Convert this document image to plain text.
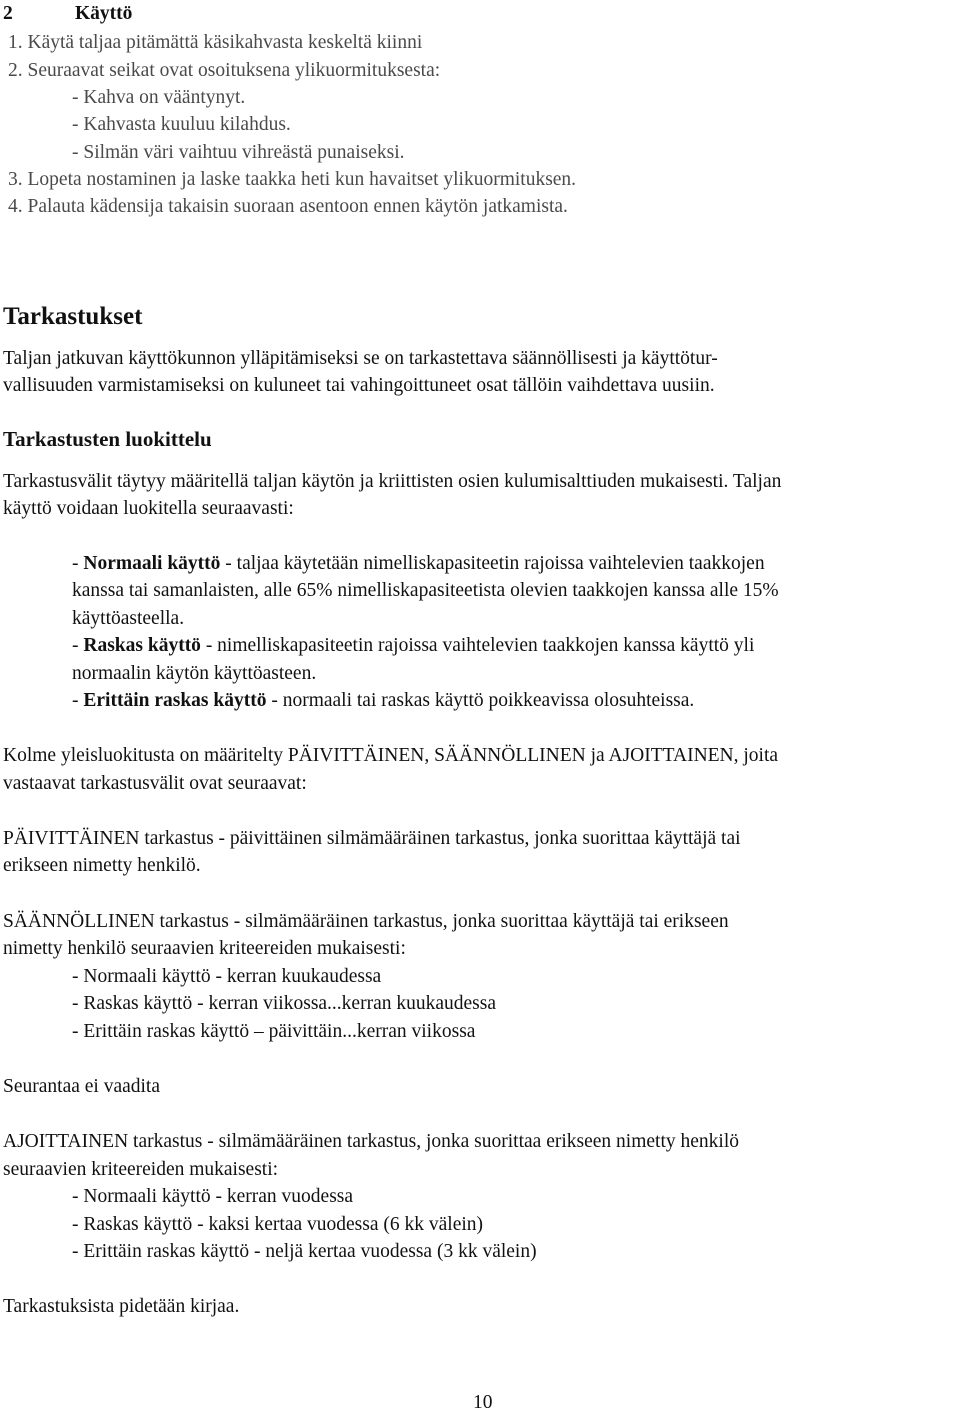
2	Käyttö
1. Käytä taljaa pitämättä käsikahvasta keskeltä kiinni
2. Seuraavat seikat ovat osoituksena ylikuormituksesta:
- Kahva on vääntynyt.
- Kahvasta kuuluu kilahdus.
- Silmän väri vaihtuu vihreästä punaiseksi.
3. Lopeta nostaminen ja laske taakka heti kun havaitset ylikuormituksen.
4. Palauta kädensija takaisin suoraan asentoon ennen käytön jatkamista.
Tarkastukset
Taljan jatkuvan käyttökunnon ylläpitämiseksi se on tarkastettava säännöllisesti ja käyttötur-
vallisuuden varmistamiseksi on kuluneet tai vahingoittuneet osat tällöin vaihdettava uusiin.
Tarkastusten luokittelu
Tarkastusvälit täytyy määritellä taljan käytön ja kriittisten osien kulumisalttiuden mukaisesti. Taljan
käyttö voidaan luokitella seuraavasti:
- Normaali käyttö - taljaa käytetään nimelliskapasiteetin rajoissa vaihtelevien taakkojen
kanssa tai samanlaisten, alle 65% nimelliskapasiteetista olevien taakkojen kanssa alle 15%
käyttöasteella.
- Raskas käyttö - nimelliskapasiteetin rajoissa vaihtelevien taakkojen kanssa käyttö yli
normaalin käytön käyttöasteen.
- Erittäin raskas käyttö - normaali tai raskas käyttö poikkeavissa olosuhteissa.
Kolme yleisluokitusta on määritelty PÄIVITTÄINEN, SÄÄNNÖLLINEN ja AJOITTAINEN, joita
vastaavat tarkastusvälit ovat seuraavat:
PÄIVITTÄINEN tarkastus - päivittäinen silmämääräinen tarkastus, jonka suorittaa käyttäjä tai
erikseen nimetty henkilö.
SÄÄNNÖLLINEN tarkastus - silmämääräinen tarkastus, jonka suorittaa käyttäjä tai erikseen
nimetty henkilö seuraavien kriteereiden mukaisesti:
- Normaali käyttö - kerran kuukaudessa
- Raskas käyttö - kerran viikossa...kerran kuukaudessa
- Erittäin raskas käyttö – päivittäin...kerran viikossa
Seurantaa ei vaadita
AJOITTAINEN tarkastus - silmämääräinen tarkastus, jonka suorittaa erikseen nimetty henkilö
seuraavien kriteereiden mukaisesti:
- Normaali käyttö - kerran vuodessa
- Raskas käyttö - kaksi kertaa vuodessa (6 kk välein)
- Erittäin raskas käyttö - neljä kertaa vuodessa (3 kk välein)
Tarkastuksista pidetään kirjaa.
10
